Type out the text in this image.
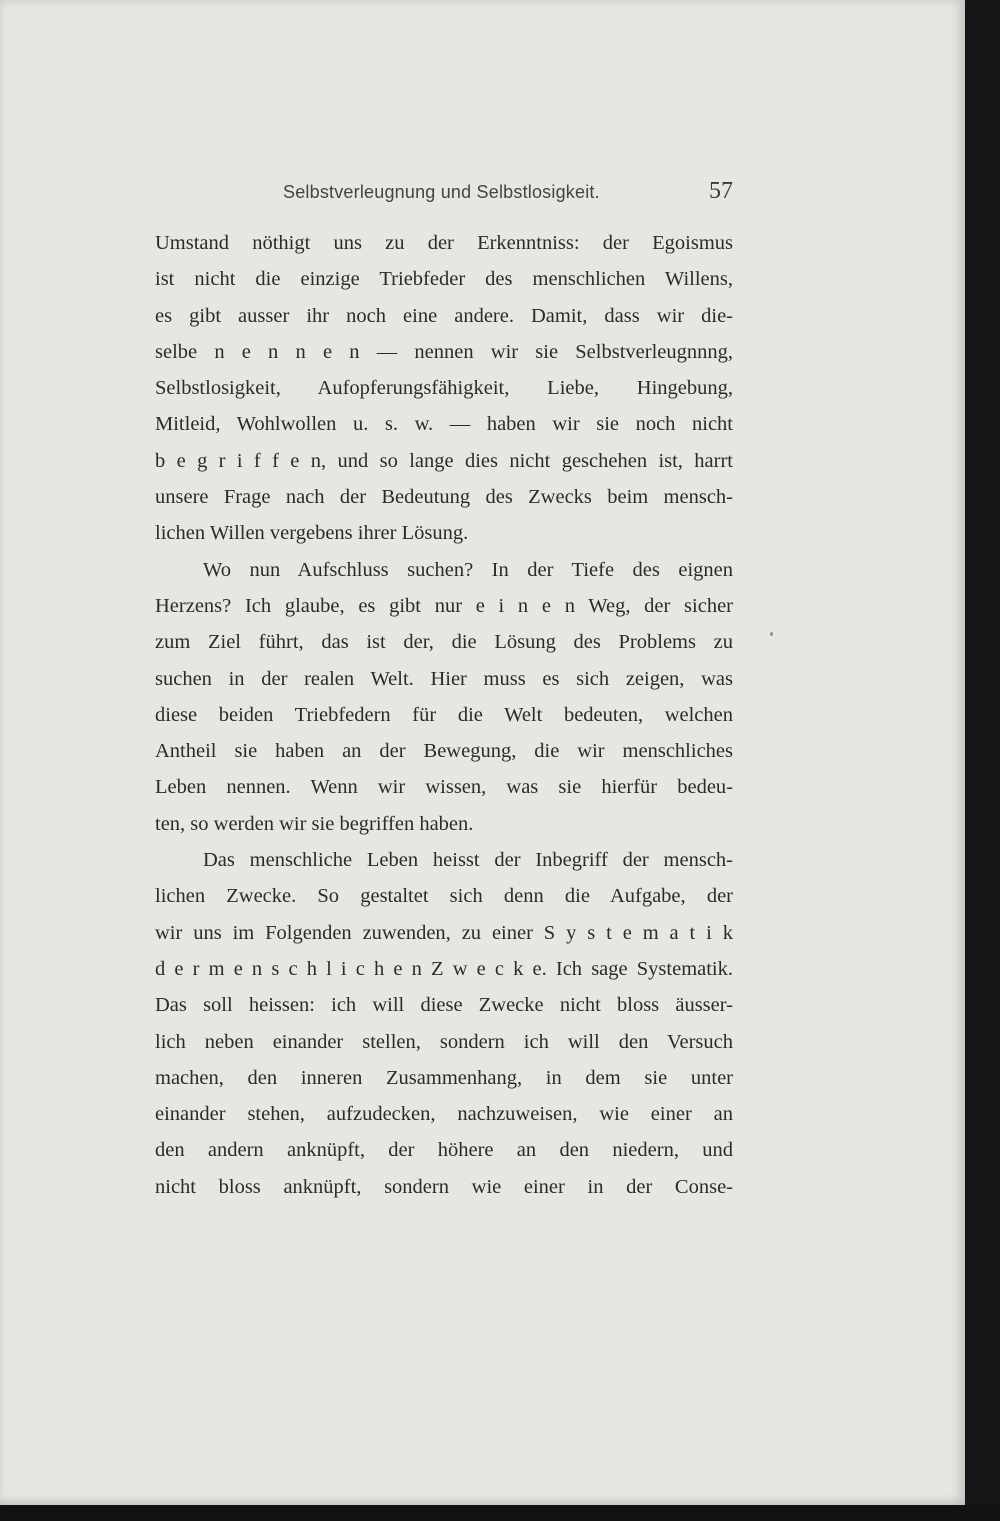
Selbstverleugnung und Selbstlosigkeit.	57
Umstand nöthigt uns zu der Erkenntniss: der Egoismus
ist nicht die einzige Triebfeder des menschlichen Willens,
es gibt ausser ihr noch eine andere. Damit, dass wir die-
selbe n e n n e n — nennen wir sie Selbstverleugnnng,
Selbstlosigkeit, Aufopferungsfähigkeit, Liebe, Hingebung,
Mitleid, Wohlwollen u. s. w. — haben wir sie noch nicht
b e g r i f f e n, und so lange dies nicht geschehen ist, harrt
unsere Frage nach der Bedeutung des Zwecks beim mensch-
lichen Willen vergebens ihrer Lösung.
Wo nun Aufschluss suchen? In der Tiefe des eignen
Herzens? Ich glaube, es gibt nur e i n e n Weg, der sicher
zum Ziel führt, das ist der, die Lösung des Problems zu
suchen in der realen Welt. Hier muss es sich zeigen, was
diese beiden Triebfedern für die Welt bedeuten, welchen
Antheil sie haben an der Bewegung, die wir menschliches
Leben nennen. Wenn wir wissen, was sie hierfür bedeu-
ten, so werden wir sie begriffen haben.
Das menschliche Leben heisst der Inbegriff der mensch-
lichen Zwecke. So gestaltet sich denn die Aufgabe, der
wir uns im Folgenden zuwenden, zu einer S y s t e m a t i k
d e r m e n s c h l i c h e n Z w e c k e. Ich sage Systematik.
Das soll heissen: ich will diese Zwecke nicht bloss äusser-
lich neben einander stellen, sondern ich will den Versuch
machen, den inneren Zusammenhang, in dem sie unter
einander stehen, aufzudecken, nachzuweisen, wie einer an
den andern anknüpft, der höhere an den niedern, und
nicht bloss anknüpft, sondern wie einer in der Conse-
